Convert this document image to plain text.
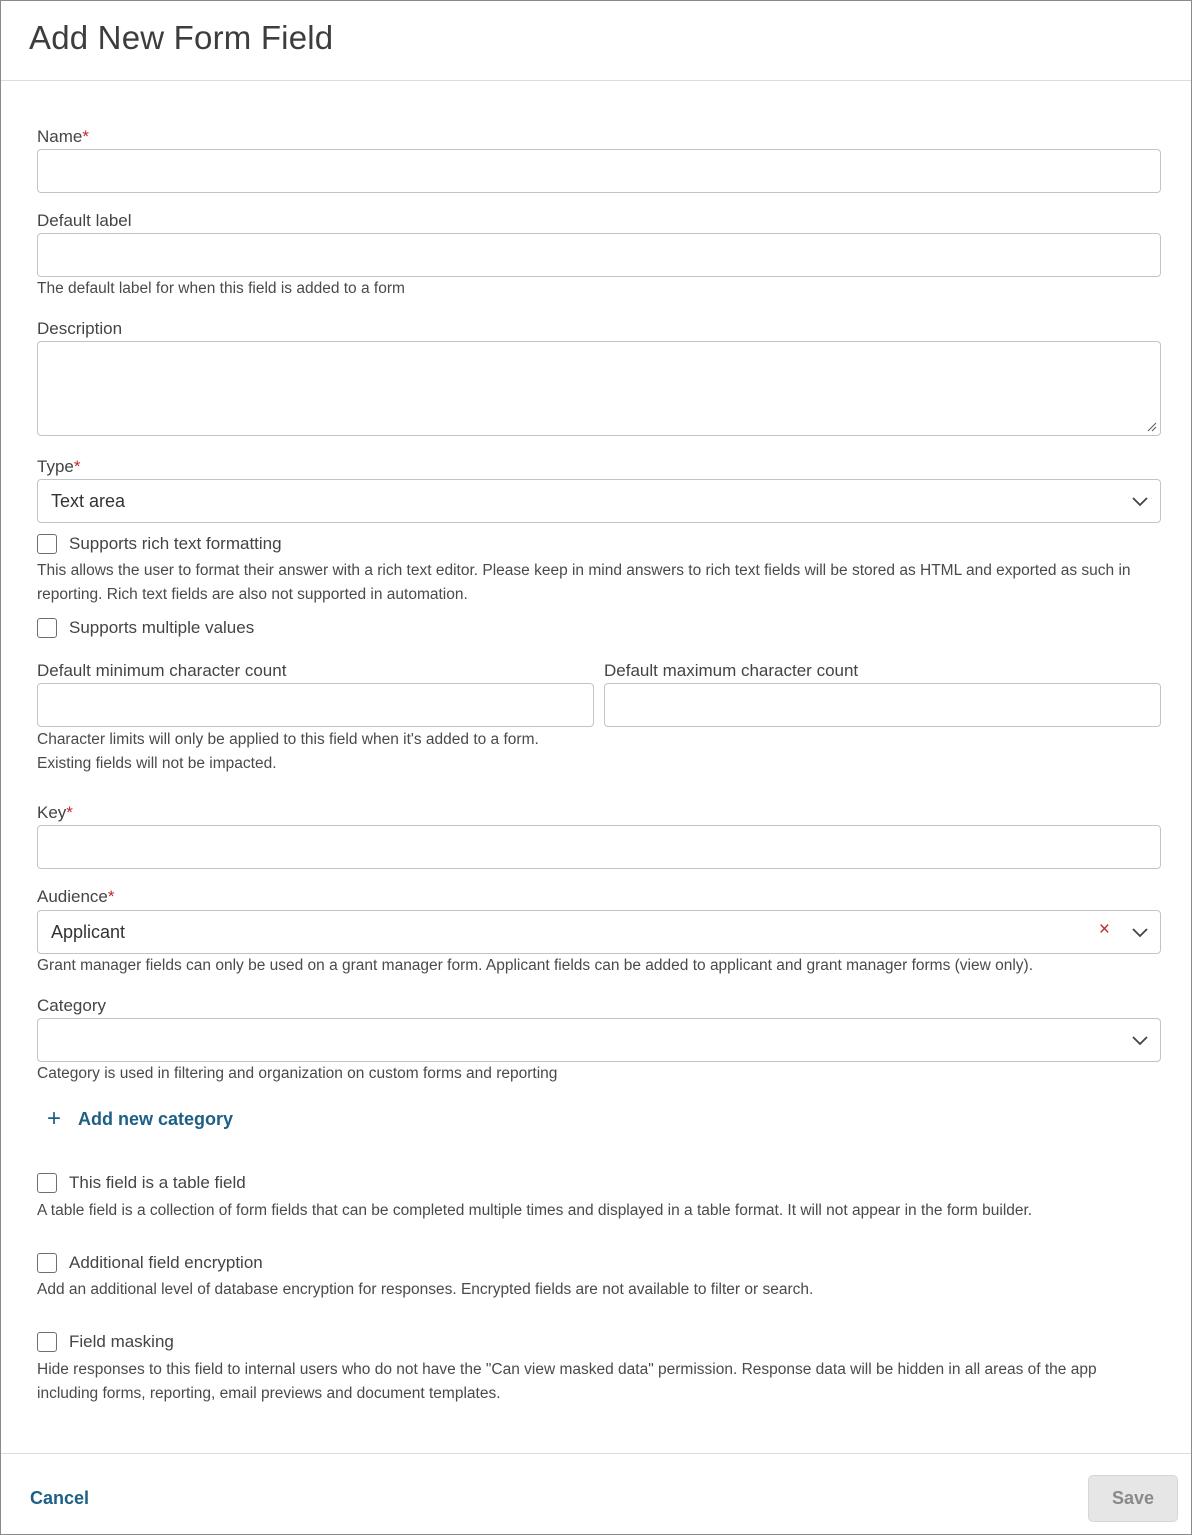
Add New Form Field
Name*
Default label
The default label for when this field is added to a form
Description
Type*
Text area
Supports rich text formatting
This allows the user to format their answer with a rich text editor. Please keep in mind answers to rich text fields will be stored as HTML and exported as such in
reporting. Rich text fields are also not supported in automation.
Supports multiple values
Default minimum character count	Default maximum character count
Character limits will only be applied to this field when it's added to a form.
Existing fields will not be impacted.
Key*
Audience*
Applicant	×
Grant manager fields can only be used on a grant manager form. Applicant fields can be added to applicant and grant manager forms (view only).
Category
Category is used in filtering and organization on custom forms and reporting
+ Add new category
This field is a table field
A table field is a collection of form fields that can be completed multiple times and displayed in a table format. It will not appear in the form builder.
Additional field encryption
Add an additional level of database encryption for responses. Encrypted fields are not available to filter or search.
Field masking
Hide responses to this field to internal users who do not have the "Can view masked data" permission. Response data will be hidden in all areas of the app
including forms, reporting, email previews and document templates.
Cancel	Save
